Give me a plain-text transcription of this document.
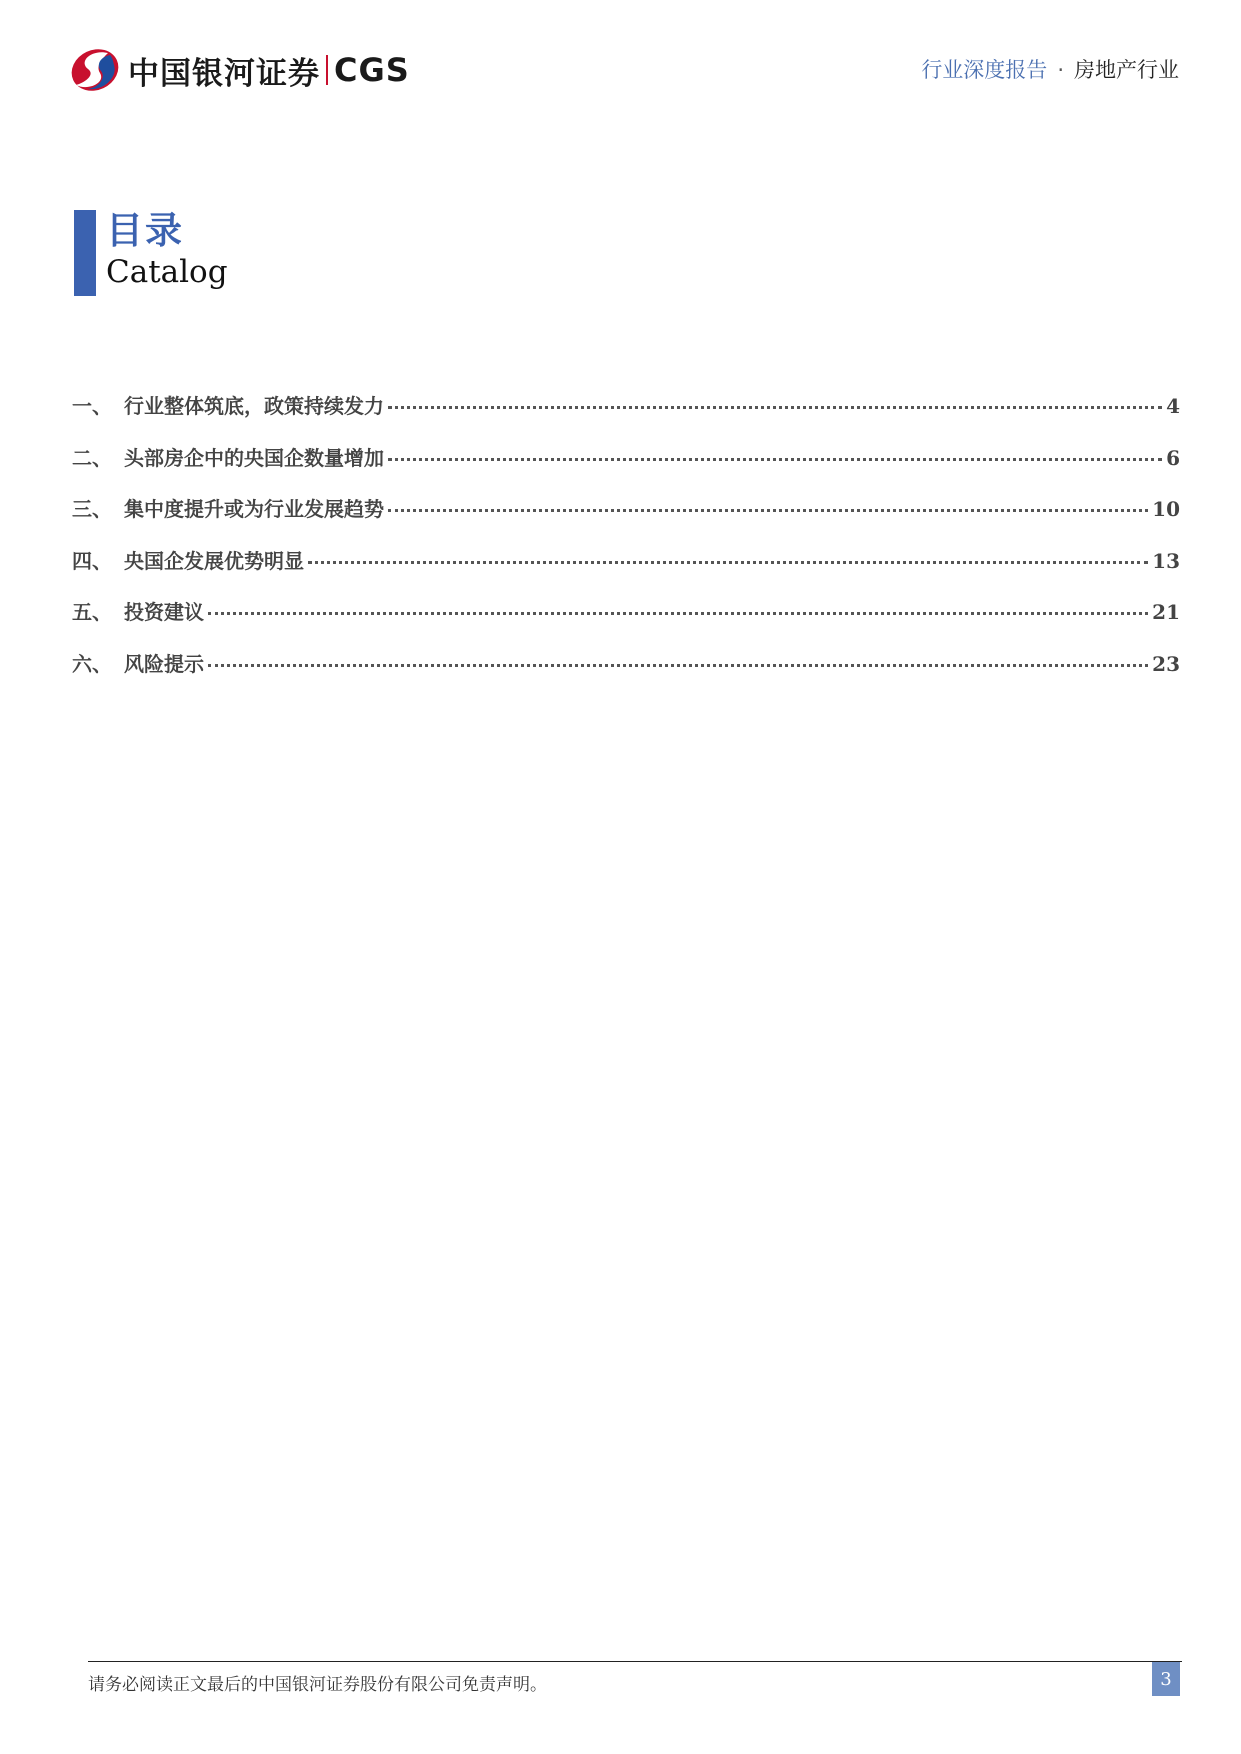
中国银河证券 CGS	行业深度报告 · 房地产行业
目录
Catalog
一、 行业整体筑底，政策持续发力	4
二、 头部房企中的央国企数量增加	6
三、 集中度提升或为行业发展趋势	10
四、 央国企发展优势明显	13
五、 投资建议	21
六、 风险提示	23
请务必阅读正文最后的中国银河证券股份有限公司免责声明。	3
